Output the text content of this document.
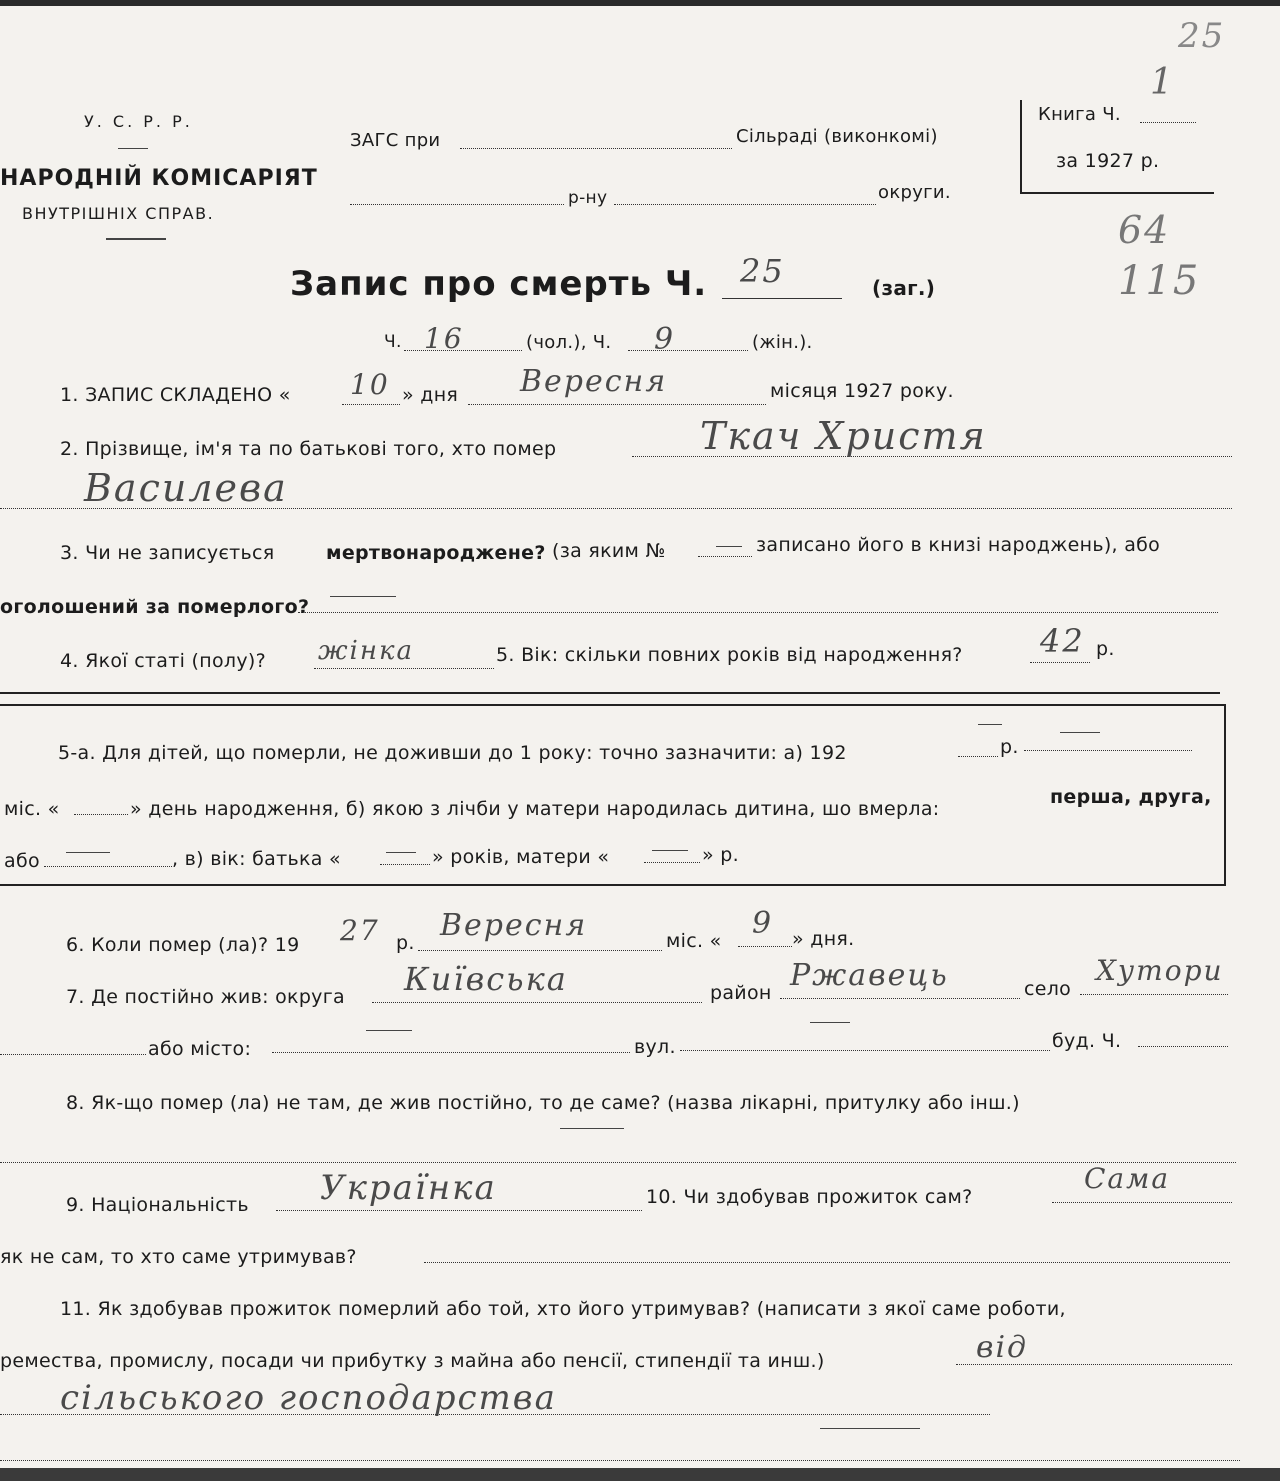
У. С. Р. Р.
НАРОДНІЙ КОМІСАРІЯТ
ВНУТРІШНІХ СПРАВ.
ЗАГС при	Сільраді (виконкомі)
р-ну	округи.
Книга Ч.
за 1927 р.
25
1
64
115
Запис про смерть Ч. 25	(заг.)
Ч. 16	(чол.), Ч. 9	(жін.).
1. ЗАПИС СКЛАДЕНО « 10 » дня Вересня	місяця 1927 року.
2. Прізвище, ім'я та по батькові того, хто помер	Ткач Христя
Василева
3. Чи не записується	мертвонароджене? (за яким №	записано його в книзі народжень), або
оголошений за померлого?
4. Якої статі (полу)? жінка	5. Вік: скільки повних років від народження? 42 р.
5-а. Для дітей, що померли, не доживши до 1 року: точно зазначити: а) 192	р.
міс. «	» день народження, б) якою з лічби у матери народилась дитина, шо вмерла:
перша, друга,
або	, в) вік: батька «	» років, матери «	» р.
6. Коли помер (ла)? 19 27 р. Вересня	міс. « 9 » дня.
7. Де постійно жив: округа Київська	район Ржавець	село
Хутори
або місто:	вул.	буд. Ч.
8. Як-що помер (ла) не там, де жив постійно, то де саме? (назва лікарні, притулку або інш.)
9. Національність Українка	10. Чи здобував прожиток сам?
Сама
як не сам, то хто саме утримував?
11. Як здобував прожиток померлий або той, хто його утримував? (написати з якої саме роботи,
ремества, промислу, посади чи прибутку з майна або пенсії, стипендії та инш.)	від
сільського господарства
